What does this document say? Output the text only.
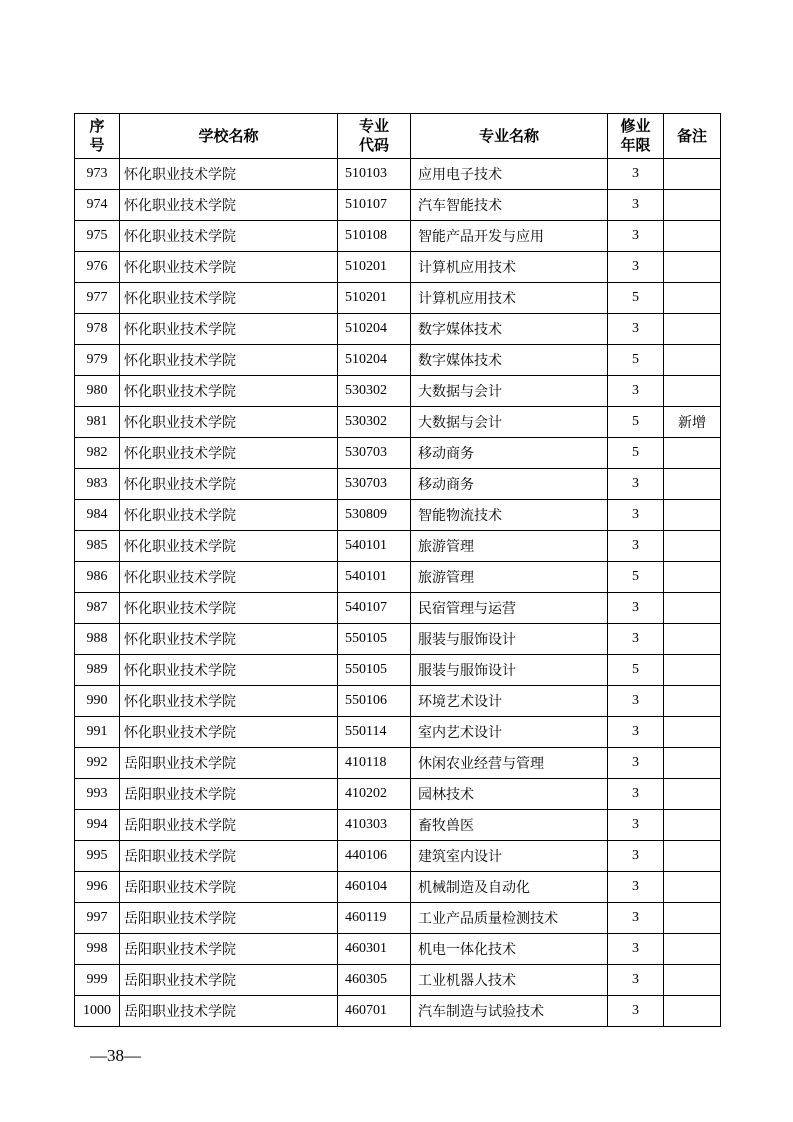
序号	学校名称	专业代码	专业名称	修业年限	备注
973	怀化职业技术学院	510103	应用电子技术	3	
974	怀化职业技术学院	510107	汽车智能技术	3	
975	怀化职业技术学院	510108	智能产品开发与应用	3	
976	怀化职业技术学院	510201	计算机应用技术	3	
977	怀化职业技术学院	510201	计算机应用技术	5	
978	怀化职业技术学院	510204	数字媒体技术	3	
979	怀化职业技术学院	510204	数字媒体技术	5	
980	怀化职业技术学院	530302	大数据与会计	3	
981	怀化职业技术学院	530302	大数据与会计	5	新增
982	怀化职业技术学院	530703	移动商务	5	
983	怀化职业技术学院	530703	移动商务	3	
984	怀化职业技术学院	530809	智能物流技术	3	
985	怀化职业技术学院	540101	旅游管理	3	
986	怀化职业技术学院	540101	旅游管理	5	
987	怀化职业技术学院	540107	民宿管理与运营	3	
988	怀化职业技术学院	550105	服装与服饰设计	3	
989	怀化职业技术学院	550105	服装与服饰设计	5	
990	怀化职业技术学院	550106	环境艺术设计	3	
991	怀化职业技术学院	550114	室内艺术设计	3	
992	岳阳职业技术学院	410118	休闲农业经营与管理	3	
993	岳阳职业技术学院	410202	园林技术	3	
994	岳阳职业技术学院	410303	畜牧兽医	3	
995	岳阳职业技术学院	440106	建筑室内设计	3	
996	岳阳职业技术学院	460104	机械制造及自动化	3	
997	岳阳职业技术学院	460119	工业产品质量检测技术	3	
998	岳阳职业技术学院	460301	机电一体化技术	3	
999	岳阳职业技术学院	460305	工业机器人技术	3	
1000	岳阳职业技术学院	460701	汽车制造与试验技术	3	
—38—
